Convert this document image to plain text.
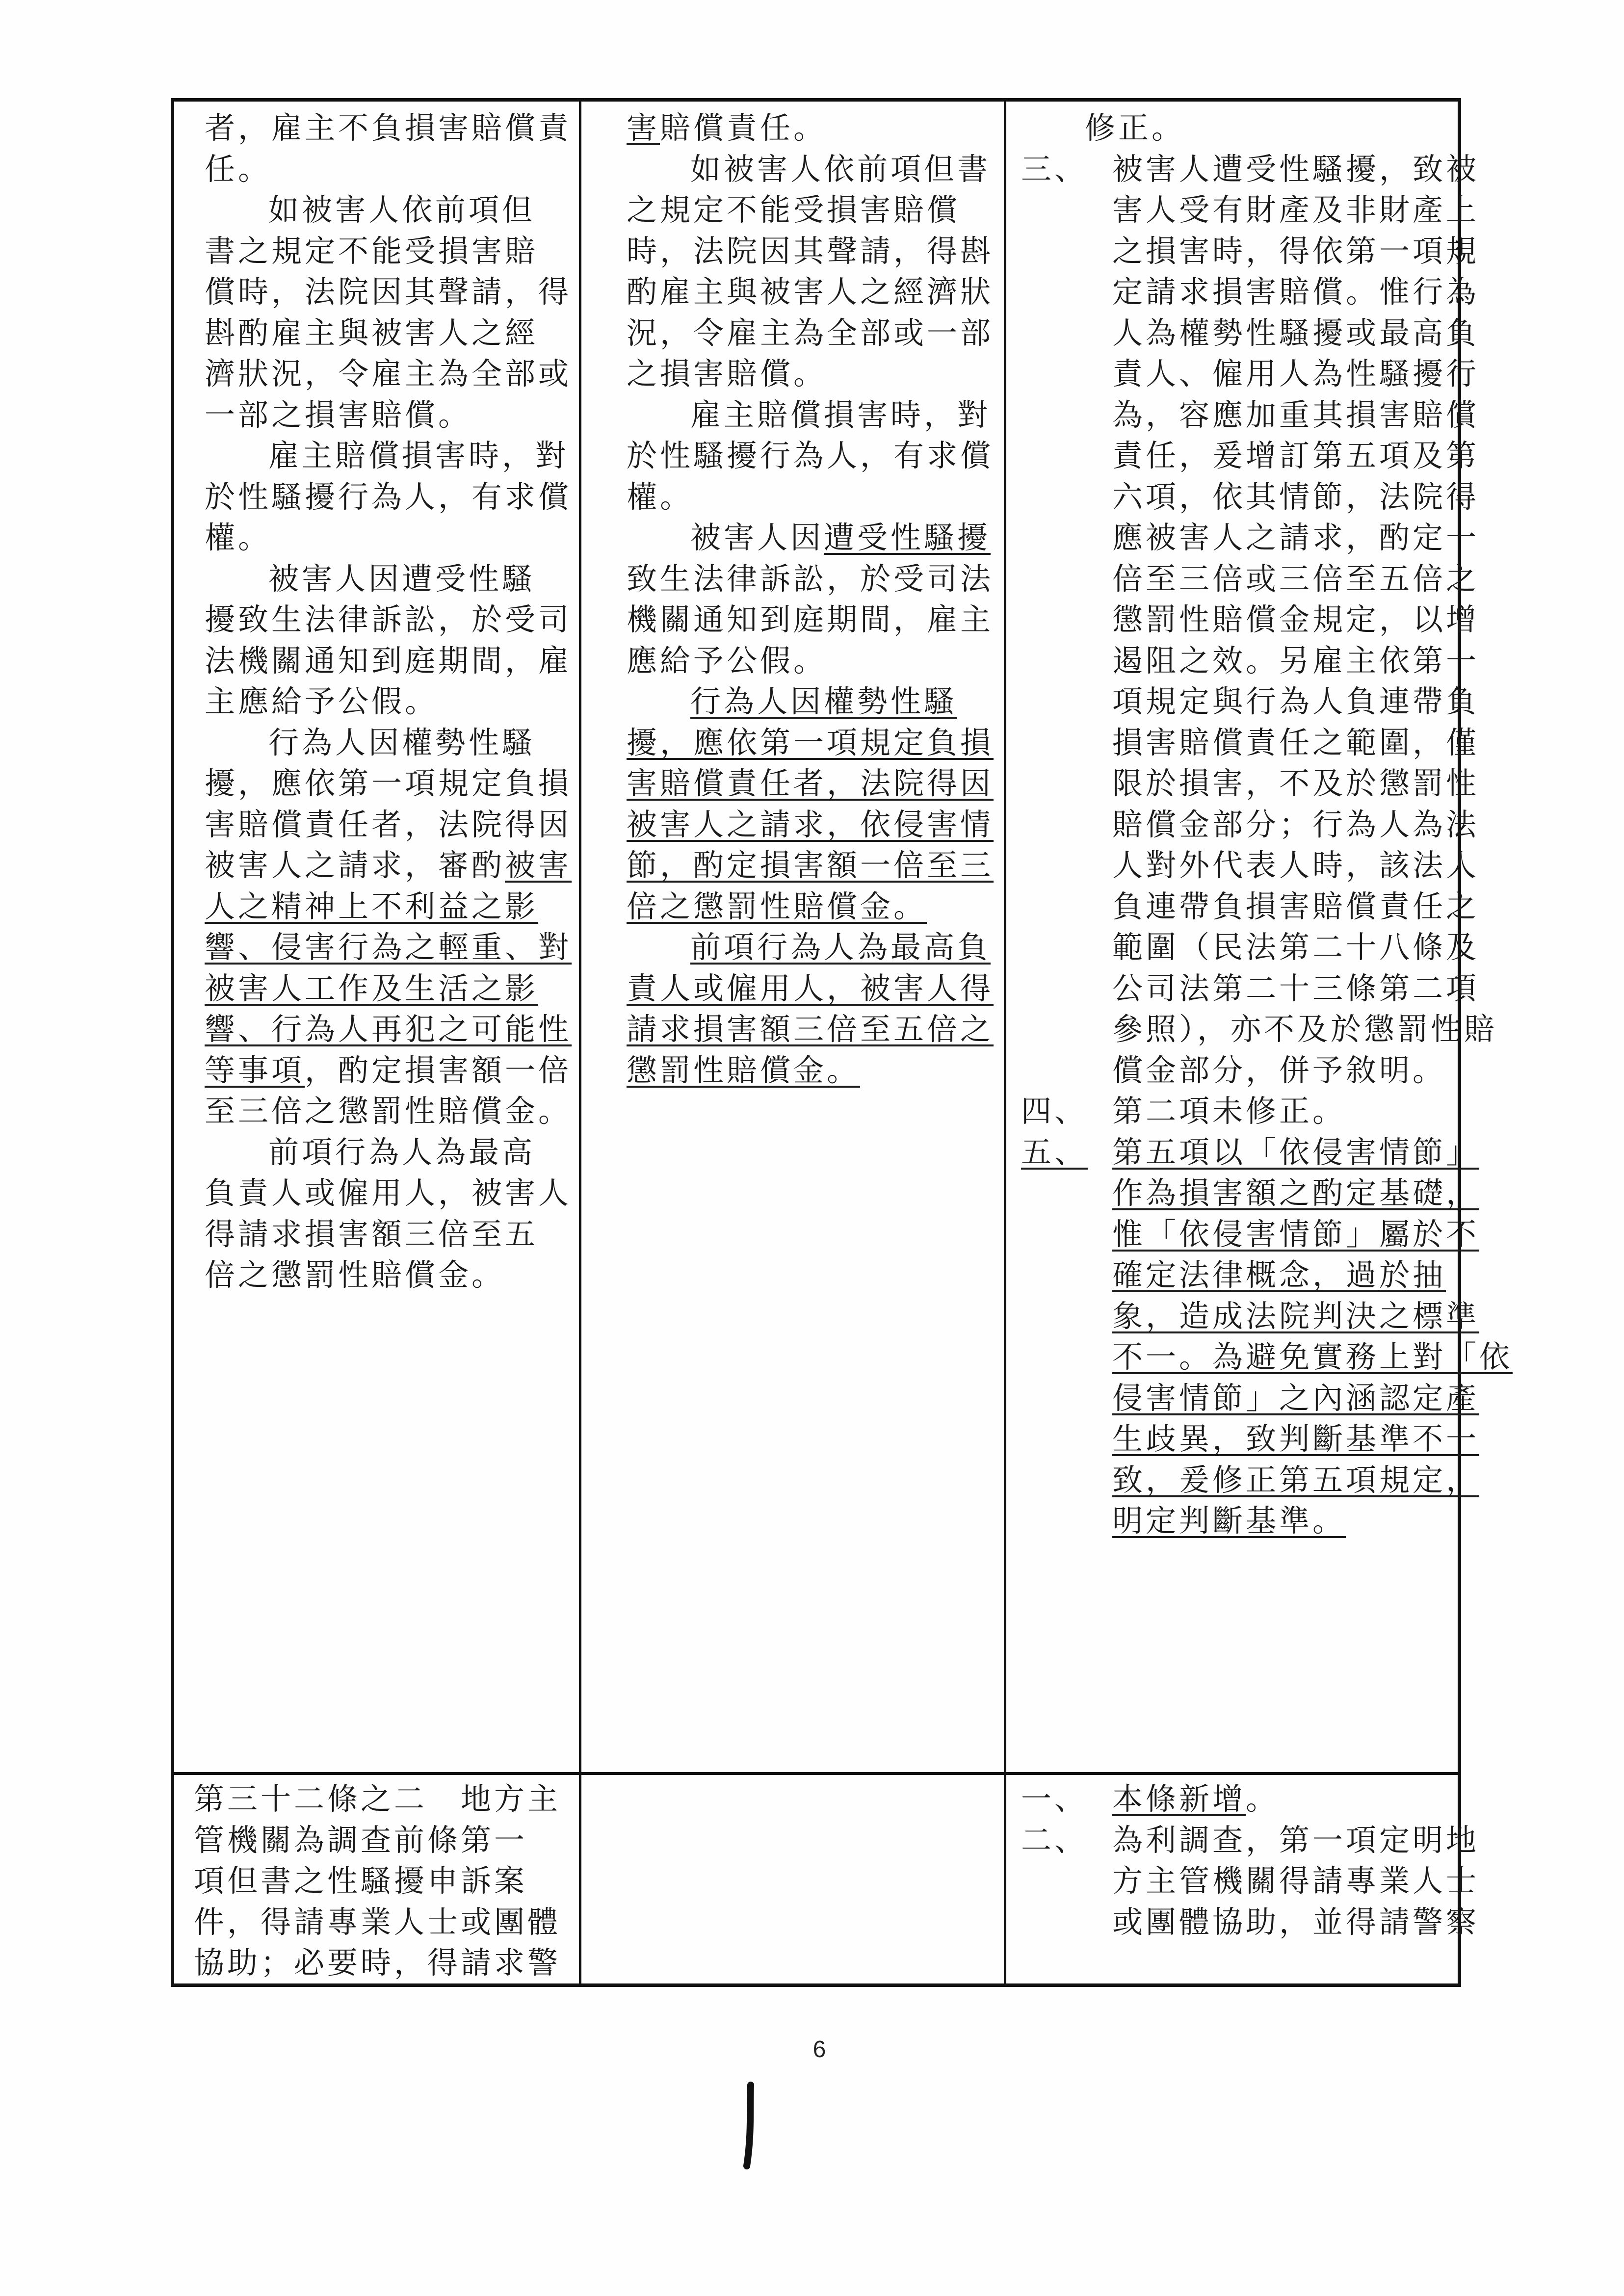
者，雇主不負損害賠償責

任。

如被害人依前項但

書之規定不能受損害賠

償時，法院因其聲請，得

斟酌雇主與被害人之經

濟狀況，令雇主為全部或

一部之損害賠償。

雇主賠償損害時，對

於性騷擾行為人，有求償

權。

被害人因遭受性騷

擾致生法律訴訟，於受司

法機關通知到庭期間，雇

主應給予公假。

行為人因權勢性騷

擾，應依第一項規定負損

害賠償責任者，法院得因

被害人之請求，審酌被害

人之精神上不利益之影

響、侵害行為之輕重、對

被害人工作及生活之影

響、行為人再犯之可能性

等事項，酌定損害額一倍

至三倍之懲罰性賠償金。

前項行為人為最高

負責人或僱用人，被害人

得請求損害額三倍至五

倍之懲罰性賠償金。

害賠償責任。

如被害人依前項但書

之規定不能受損害賠償

時，法院因其聲請，得斟

酌雇主與被害人之經濟狀

況，令雇主為全部或一部

之損害賠償。

雇主賠償損害時，對

於性騷擾行為人，有求償

權。

被害人因遭受性騷擾

致生法律訴訟，於受司法

機關通知到庭期間，雇主

應給予公假。

行為人因權勢性騷

擾，應依第一項規定負損

害賠償責任者，法院得因

被害人之請求，依侵害情

節，酌定損害額一倍至三

倍之懲罰性賠償金。

前項行為人為最高負

責人或僱用人，被害人得

請求損害額三倍至五倍之

懲罰性賠償金。

修正。

三、 被害人遭受性騷擾，致被

害人受有財產及非財產上

之損害時，得依第一項規

定請求損害賠償。惟行為

人為權勢性騷擾或最高負

責人、僱用人為性騷擾行

為，容應加重其損害賠償

責任，爰增訂第五項及第

六項，依其情節，法院得

應被害人之請求，酌定一

倍至三倍或三倍至五倍之

懲罰性賠償金規定，以增

遏阻之效。另雇主依第一

項規定與行為人負連帶負

損害賠償責任之範圍，僅

限於損害，不及於懲罰性

賠償金部分；行為人為法

人對外代表人時，該法人

負連帶負損害賠償責任之

範圍（民法第二十八條及

公司法第二十三條第二項

參照），亦不及於懲罰性賠

償金部分，併予敘明。

四、 第二項未修正。

五、 第五項以「依侵害情節」

作為損害額之酌定基礎，

惟「依侵害情節」屬於不

確定法律概念，過於抽

象，造成法院判決之標準

不一。為避免實務上對「依

侵害情節」之內涵認定產

生歧異，致判斷基準不一

致，爰修正第五項規定，

明定判斷基準。

第三十二條之二　地方主

管機關為調查前條第一

項但書之性騷擾申訴案

件，得請專業人士或團體

協助；必要時，得請求警

一、 本條新增。

二、 為利調查，第一項定明地

方主管機關得請專業人士

或團體協助，並得請警察

6
